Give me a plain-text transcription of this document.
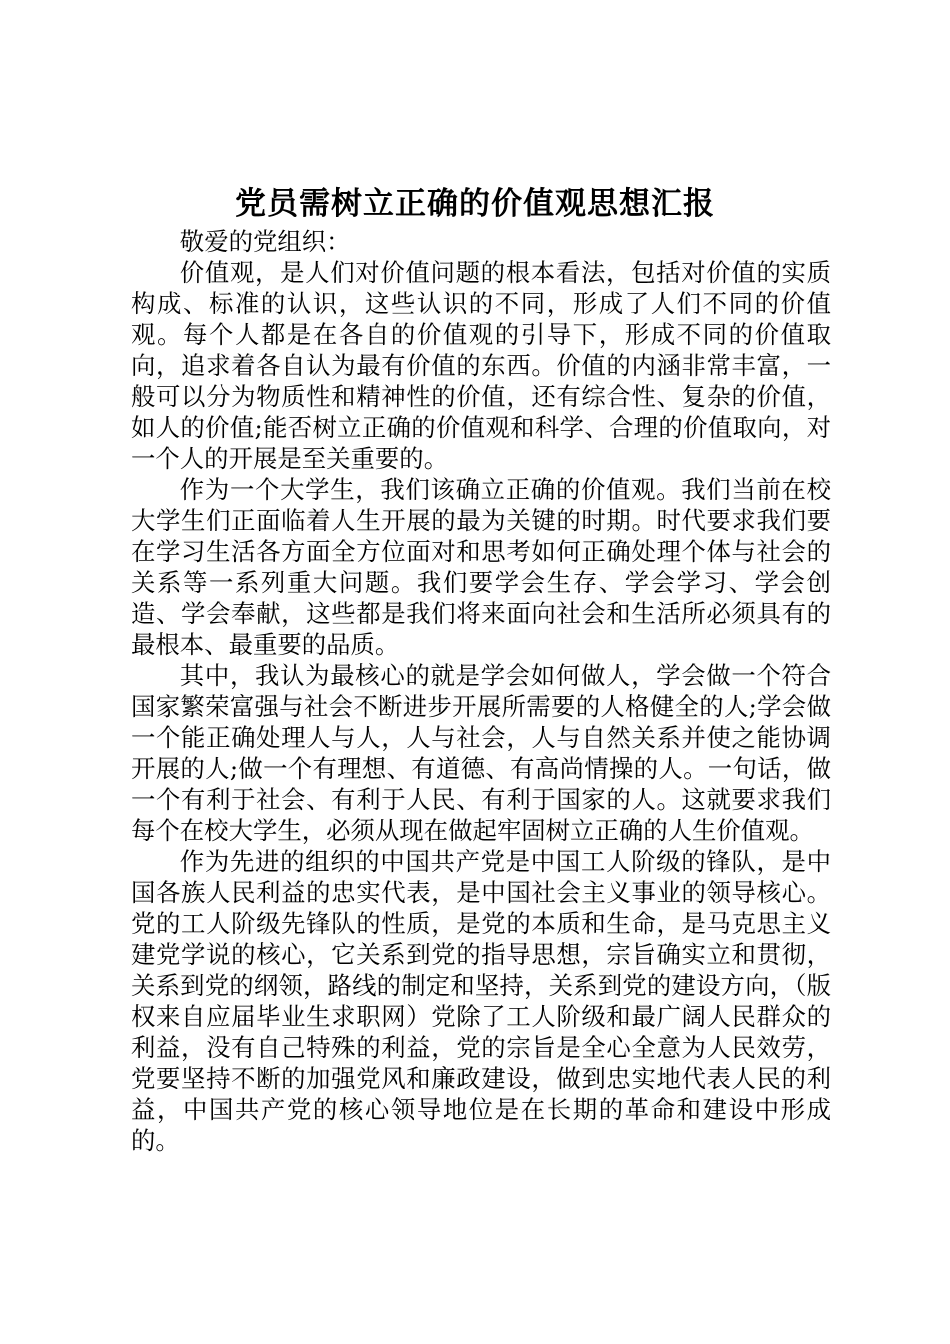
党员需树立正确的价值观思想汇报

敬爱的党组织：

价值观，是人们对价值问题的根本看法，包括对价值的实质构成、标准的认识，这些认识的不同，形成了人们不同的价值观。每个人都是在各自的价值观的引导下，形成不同的价值取向，追求着各自认为最有价值的东西。价值的内涵非常丰富，一般可以分为物质性和精神性的价值，还有综合性、复杂的价值，如人的价值;能否树立正确的价值观和科学、合理的价值取向，对一个人的开展是至关重要的。

作为一个大学生，我们该确立正确的价值观。我们当前在校大学生们正面临着人生开展的最为关键的时期。时代要求我们要在学习生活各方面全方位面对和思考如何正确处理个体与社会的关系等一系列重大问题。我们要学会生存、学会学习、学会创造、学会奉献，这些都是我们将来面向社会和生活所必须具有的最根本、最重要的品质。

其中，我认为最核心的就是学会如何做人，学会做一个符合国家繁荣富强与社会不断进步开展所需要的人格健全的人;学会做一个能正确处理人与人，人与社会，人与自然关系并使之能协调开展的人;做一个有理想、有道德、有高尚情操的人。一句话，做一个有利于社会、有利于人民、有利于国家的人。这就要求我们每个在校大学生，必须从现在做起牢固树立正确的人生价值观。

作为先进的组织的中国共产党是中国工人阶级的锋队，是中国各族人民利益的忠实代表，是中国社会主义事业的领导核心。党的工人阶级先锋队的性质，是党的本质和生命，是马克思主义建党学说的核心，它关系到党的指导思想，宗旨确实立和贯彻，关系到党的纲领，路线的制定和坚持，关系到党的建设方向，（版权来自应届毕业生求职网）党除了工人阶级和最广阔人民群众的利益，没有自己特殊的利益，党的宗旨是全心全意为人民效劳，党要坚持不断的加强党风和廉政建设，做到忠实地代表人民的利益，中国共产党的核心领导地位是在长期的革命和建设中形成的。
